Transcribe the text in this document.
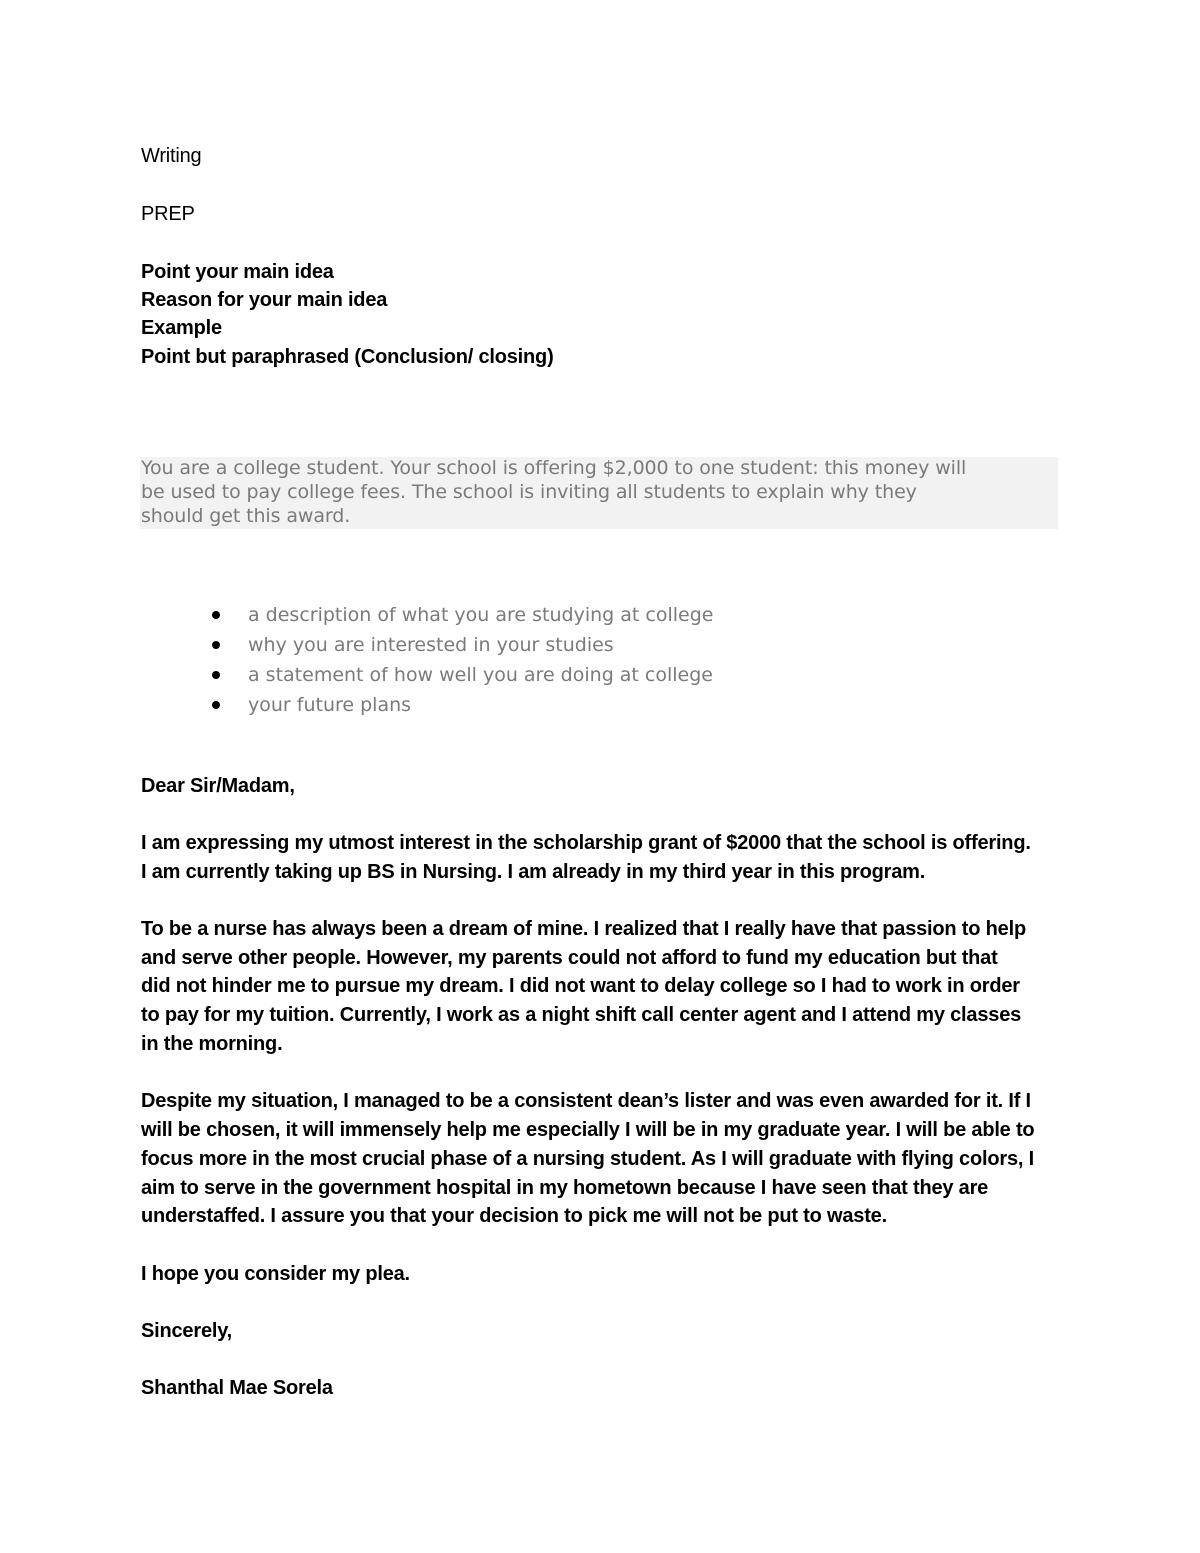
Writing
PREP
Point your main idea
Reason for your main idea
Example
Point but paraphrased (Conclusion/ closing)
You are a college student. Your school is offering $2,000 to one student: this money will
be used to pay college fees. The school is inviting all students to explain why they
should get this award.
a description of what you are studying at college
why you are interested in your studies
a statement of how well you are doing at college
your future plans
Dear Sir/Madam,
I am expressing my utmost interest in the scholarship grant of $2000 that the school is offering.
I am currently taking up BS in Nursing. I am already in my third year in this program.
To be a nurse has always been a dream of mine. I realized that I really have that passion to help
and serve other people. However, my parents could not afford to fund my education but that
did not hinder me to pursue my dream. I did not want to delay college so I had to work in order
to pay for my tuition. Currently, I work as a night shift call center agent and I attend my classes
in the morning.
Despite my situation, I managed to be a consistent dean’s lister and was even awarded for it. If I
will be chosen, it will immensely help me especially I will be in my graduate year. I will be able to
focus more in the most crucial phase of a nursing student. As I will graduate with flying colors, I
aim to serve in the government hospital in my hometown because I have seen that they are
understaffed. I assure you that your decision to pick me will not be put to waste.
I hope you consider my plea.
Sincerely,
Shanthal Mae Sorela
